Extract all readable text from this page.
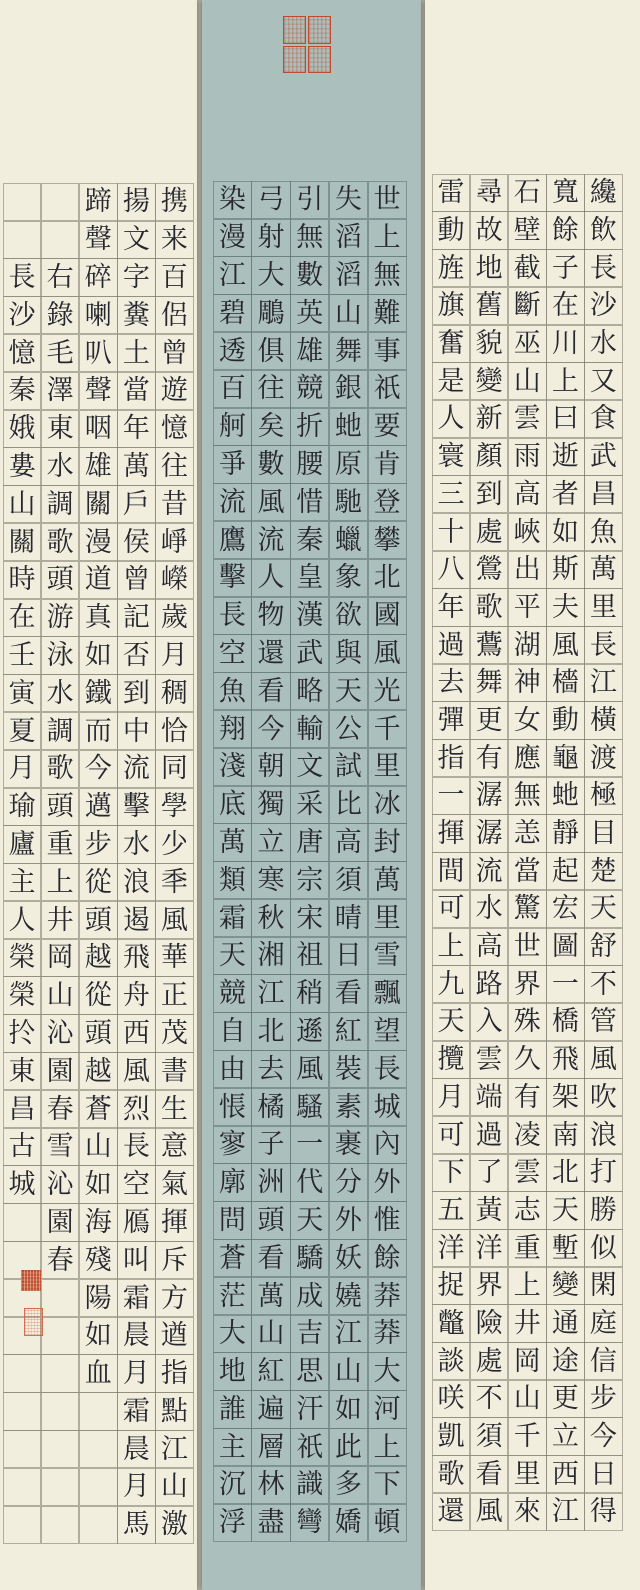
携
来
百
侶
曾
遊
憶
往
昔
崢
嶸
歲
月
稠
恰
同
學
少
秊
風
華
正
茂
書
生
意
氣
揮
斥
方
遒
指
點
江
山
激
揚
文
字
糞
土
當
年
萬
戶
侯
曾
記
否
到
中
流
擊
水
浪
遏
飛
舟
西
風
烈
長
空
鴈
叫
霜
晨
月
霜
晨
月
馬
蹄
聲
碎
喇
叭
聲
咽
雄
關
漫
道
真
如
鐵
而
今
邁
步
從
頭
越
從
頭
越
蒼
山
如
海
殘
陽
如
血
右
錄
毛
澤
東
水
調
歌
頭
游
泳
水
調
歌
頭
重
上
井
岡
山
沁
園
春
雪
沁
園
春
長
沙
憶
秦
娥
婁
山
關
時
在
壬
寅
夏
月
瑜
廬
主
人
榮
榮
扵
東
昌
古
城
世
上
無
難
事
祇
要
肯
登
攀
北
國
風
光
千
里
冰
封
萬
里
雪
飄
望
長
城
內
外
惟
餘
莽
莽
大
河
上
下
頓
失
滔
滔
山
舞
銀
虵
原
馳
蠟
象
欲
與
天
公
試
比
高
須
晴
日
看
紅
裝
素
裹
分
外
妖
嬈
江
山
如
此
多
嬌
引
無
數
英
雄
競
折
腰
惜
秦
皇
漢
武
略
輸
文
采
唐
宗
宋
祖
稍
遜
風
騷
一
代
天
驕
成
吉
思
汗
祇
識
彎
弓
射
大
鵰
俱
往
矣
數
風
流
人
物
還
看
今
朝
獨
立
寒
秋
湘
江
北
去
橘
子
洲
頭
看
萬
山
紅
遍
層
林
盡
染
漫
江
碧
透
百
舸
爭
流
鷹
擊
長
空
魚
翔
淺
底
萬
類
霜
天
競
自
由
悵
寥
廓
問
蒼
茫
大
地
誰
主
沉
浮
纔
飲
長
沙
水
又
食
武
昌
魚
萬
里
長
江
橫
渡
極
目
楚
天
舒
不
管
風
吹
浪
打
勝
似
閑
庭
信
步
今
日
得
寬
餘
子
在
川
上
曰
逝
者
如
斯
夫
風
檣
動
龜
虵
靜
起
宏
圖
一
橋
飛
架
南
北
天
塹
變
通
途
更
立
西
江
石
壁
截
斷
巫
山
雲
雨
高
峽
出
平
湖
神
女
應
無
恙
當
驚
世
界
殊
久
有
凌
雲
志
重
上
井
岡
山
千
里
來
尋
故
地
舊
貌
變
新
顏
到
處
鶯
歌
鷰
舞
更
有
潺
潺
流
水
高
路
入
雲
端
過
了
黃
洋
界
險
處
不
須
看
風
雷
動
旌
旗
奮
是
人
寰
三
十
八
年
過
去
彈
指
一
揮
間
可
上
九
天
攬
月
可
下
五
洋
捉
鼈
談
咲
凱
歌
還
